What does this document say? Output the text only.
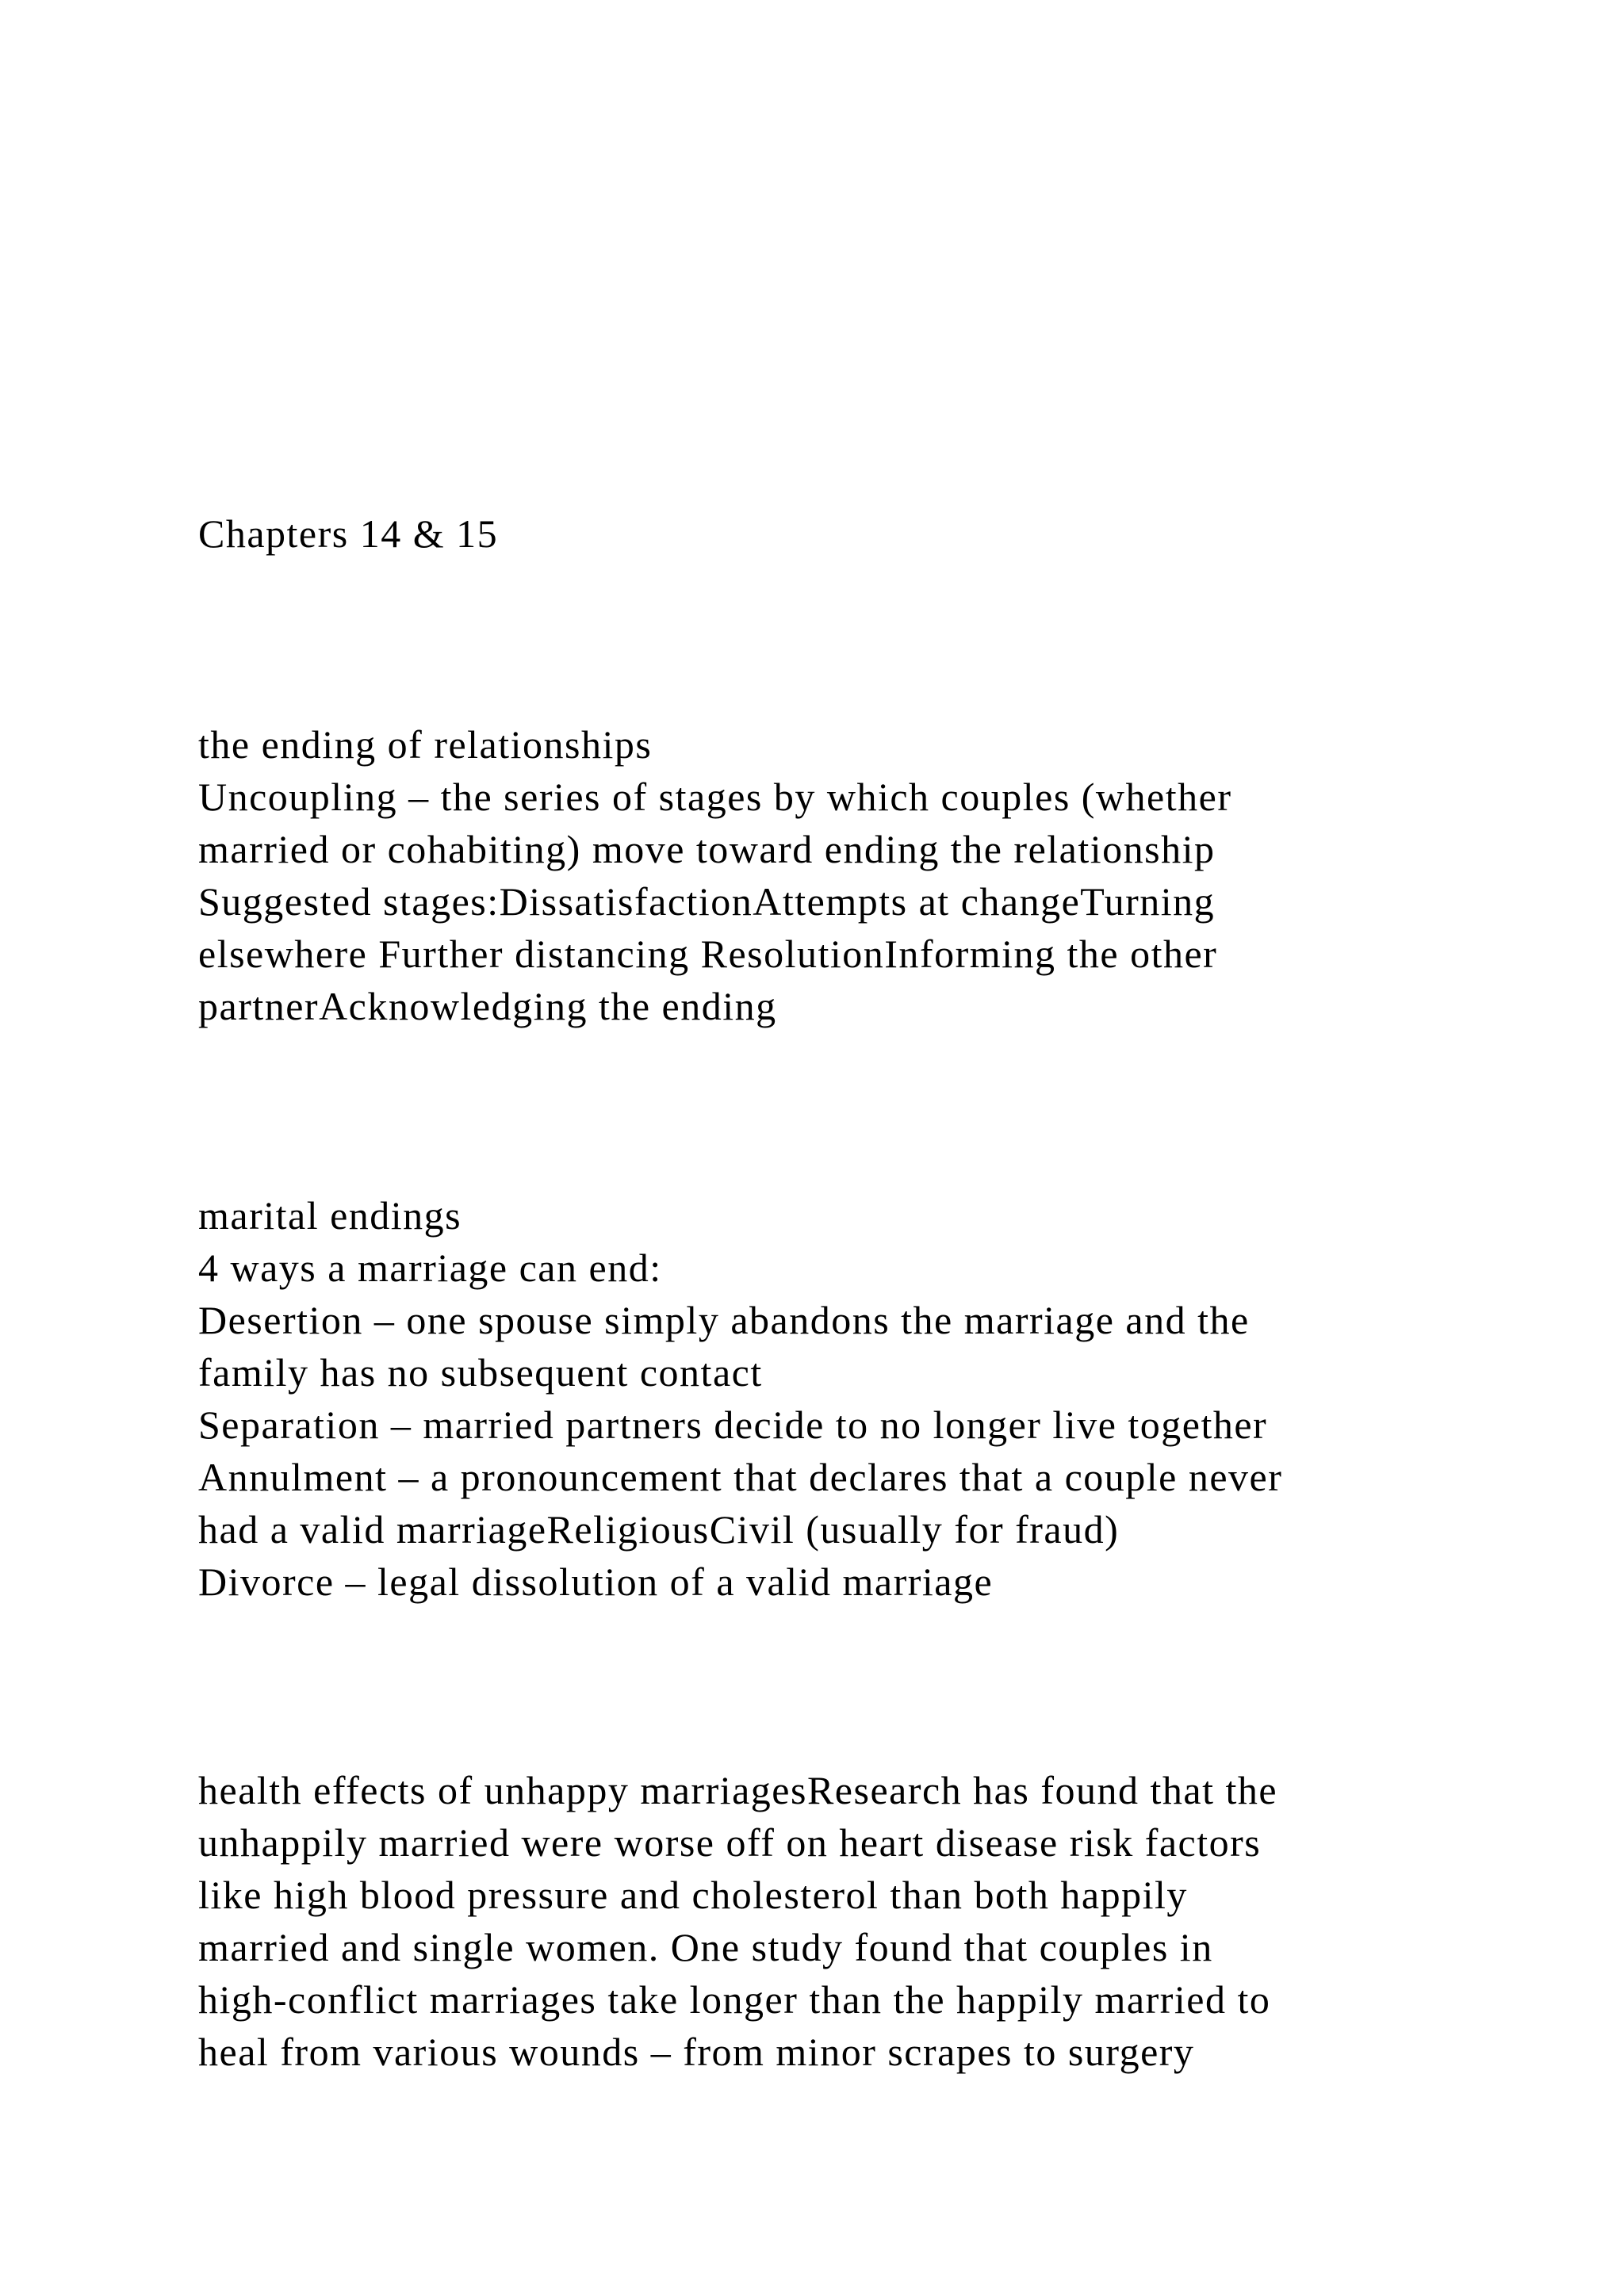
Chapters 14 & 15
the ending of relationships
Uncoupling – the series of stages by which couples (whether
married or cohabiting) move toward ending the relationship
Suggested stages:DissatisfactionAttempts at changeTurning
elsewhere Further distancing ResolutionInforming the other
partnerAcknowledging the ending
marital endings
4 ways a marriage can end:
Desertion – one spouse simply abandons the marriage and the
family has no subsequent contact
Separation – married partners decide to no longer live together
Annulment – a pronouncement that declares that a couple never
had a valid marriageReligiousCivil (usually for fraud)
Divorce – legal dissolution of a valid marriage
health effects of unhappy marriagesResearch has found that the
unhappily married were worse off on heart disease risk factors
like high blood pressure and cholesterol than both happily
married and single women. One study found that couples in
high-conflict marriages take longer than the happily married to
heal from various wounds – from minor scrapes to surgery
